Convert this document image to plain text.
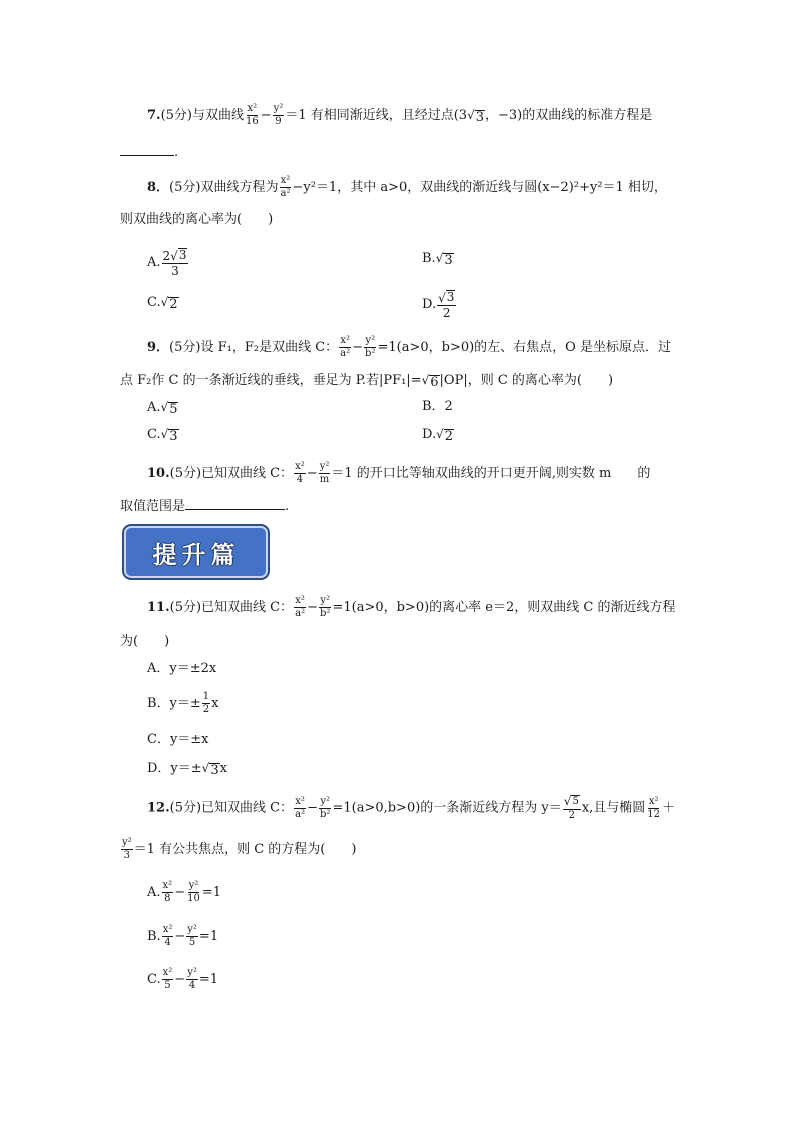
7.(5分)与双曲线 $\frac{\text{x²}}{16} - \frac{\text{y²}}{9} =1$ 有相同渐近线，且经过点(3 √ 3 ，−3)的双曲线的标准方程是
.
8．(5分)双曲线方程为 $\frac{\text{x²}}{\text{a²}} -y^2=1$，其中 a>0，双曲线的渐近线与圆(x−2)²+y²＝1 相切，
则双曲线的离心率为(　　)
A. $\frac{2 √ 3}{3}$	B. √ 3
C. √ 2	D. $\frac{√ 3}{2}$
9．(5分)设 F₁，F₂是双曲线 C： $\frac{\text{x²}}{\text{a²}} - \frac{\text{y²}}{\text{b²}} =1(a>0$，b>0)的左、右焦点，O 是坐标原点．过
点 F₂作 C 的一条渐近线的垂线，垂足为 P.若|PF₁|= √ 6 |OP|，则 C 的离心率为(　　)
A. √ 5	B．2
C. √ 3	D. √ 2
10.(5分)已知双曲线 C： $\frac{\text{x²}}{4} - \frac{\text{y²}}{m} =1$ 的开口比等轴双曲线的开口更开阔,则实数 m　　的
取值范围是	.
提升篇
11.(5分)已知双曲线 C： $\frac{\text{x²}}{\text{a²}} - \frac{\text{y²}}{\text{b²}} =1(a>0$，b>0)的离心率 e＝2，则双曲线 C 的渐近线方程
为(　　)
A．y＝±2x
B．$y=\pm \frac{1}{2}$ x
C．y＝±x
D．y＝± √ 3 x
12.(5分)已知双曲线 C： $\frac{\text{x²}}{\text{a²}} - \frac{\text{y²}}{\text{b²}} =1(a>0,b>0)$的一条渐近线方程为 $y= \frac{√ 5}{2} x$,且与椭圆 $\frac{\text{x²}}{12}$ ＋
$\frac{\text{y²}}{3} =1$ 有公共焦点，则 C 的方程为(　　)
A. $\frac{\text{x²}}{8} - \frac{\text{y²}}{10} =1$
B. $\frac{\text{x²}}{4} - \frac{\text{y²}}{5} =1$
C. $\frac{\text{x²}}{5} - \frac{\text{y²}}{4} =1$
